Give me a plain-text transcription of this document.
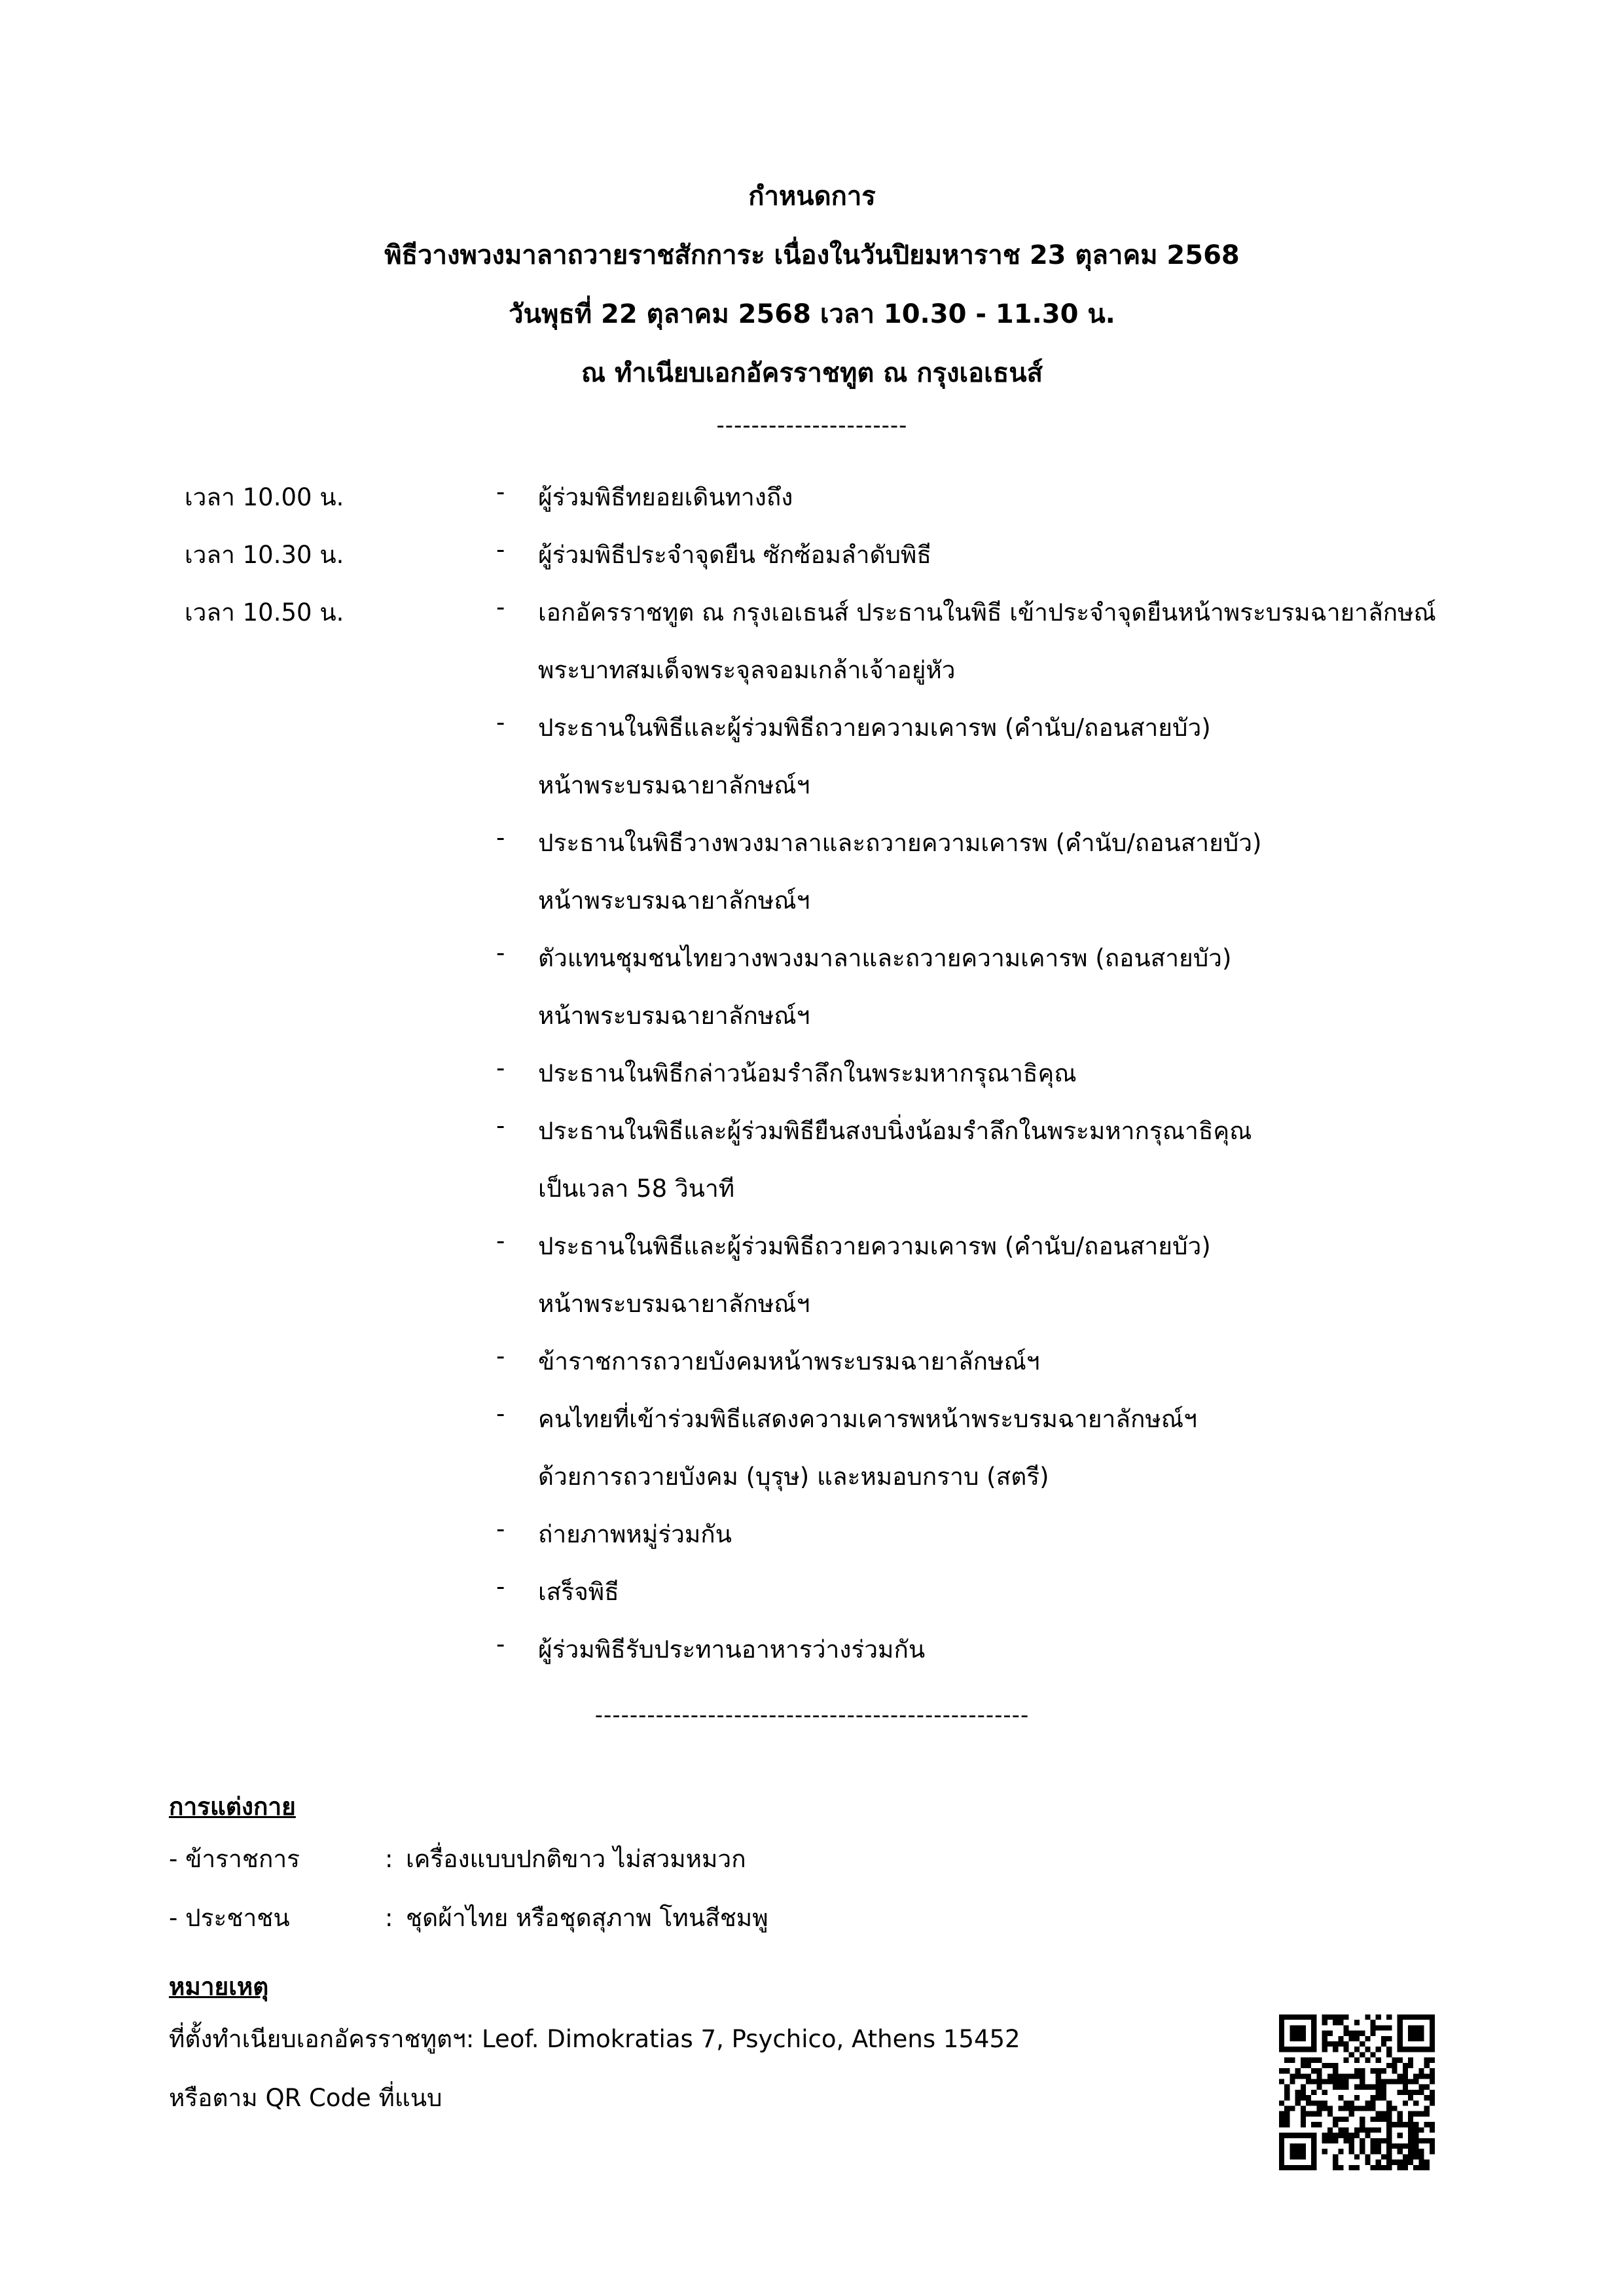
กำหนดการ
พิธีวางพวงมาลาถวายราชสักการะ เนื่องในวันปิยมหาราช 23 ตุลาคม 2568
วันพุธที่ 22 ตุลาคม 2568 เวลา 10.30 - 11.30 น.
ณ ทำเนียบเอกอัครราชทูต ณ กรุงเอเธนส์
----------------------
เวลา 10.00 น.	- ผู้ร่วมพิธีทยอยเดินทางถึง
เวลา 10.30 น.	- ผู้ร่วมพิธีประจำจุดยืน ซักซ้อมลำดับพิธี
เวลา 10.50 น.	- เอกอัครราชทูต ณ กรุงเอเธนส์ ประธานในพิธี เข้าประจำจุดยืนหน้าพระบรมฉายาลักษณ์
พระบาทสมเด็จพระจุลจอมเกล้าเจ้าอยู่หัว
- ประธานในพิธีและผู้ร่วมพิธีถวายความเคารพ (คำนับ/ถอนสายบัว)
หน้าพระบรมฉายาลักษณ์ฯ
- ประธานในพิธีวางพวงมาลาและถวายความเคารพ (คำนับ/ถอนสายบัว)
หน้าพระบรมฉายาลักษณ์ฯ
- ตัวแทนชุมชนไทยวางพวงมาลาและถวายความเคารพ (ถอนสายบัว)
หน้าพระบรมฉายาลักษณ์ฯ
- ประธานในพิธีกล่าวน้อมรำลึกในพระมหากรุณาธิคุณ
- ประธานในพิธีและผู้ร่วมพิธียืนสงบนิ่งน้อมรำลึกในพระมหากรุณาธิคุณ
เป็นเวลา 58 วินาที
- ประธานในพิธีและผู้ร่วมพิธีถวายความเคารพ (คำนับ/ถอนสายบัว)
หน้าพระบรมฉายาลักษณ์ฯ
- ข้าราชการถวายบังคมหน้าพระบรมฉายาลักษณ์ฯ
- คนไทยที่เข้าร่วมพิธีแสดงความเคารพหน้าพระบรมฉายาลักษณ์ฯ
ด้วยการถวายบังคม (บุรุษ) และหมอบกราบ (สตรี)
- ถ่ายภาพหมู่ร่วมกัน
- เสร็จพิธี
- ผู้ร่วมพิธีรับประทานอาหารว่างร่วมกัน
--------------------------------------------------
การแต่งกาย
- ข้าราชการ	: เครื่องแบบปกติขาว ไม่สวมหมวก
- ประชาชน	: ชุดผ้าไทย หรือชุดสุภาพ โทนสีชมพู
หมายเหตุ
ที่ตั้งทำเนียบเอกอัครราชทูตฯ: Leof. Dimokratias 7, Psychico, Athens 15452
หรือตาม QR Code ที่แนบ
